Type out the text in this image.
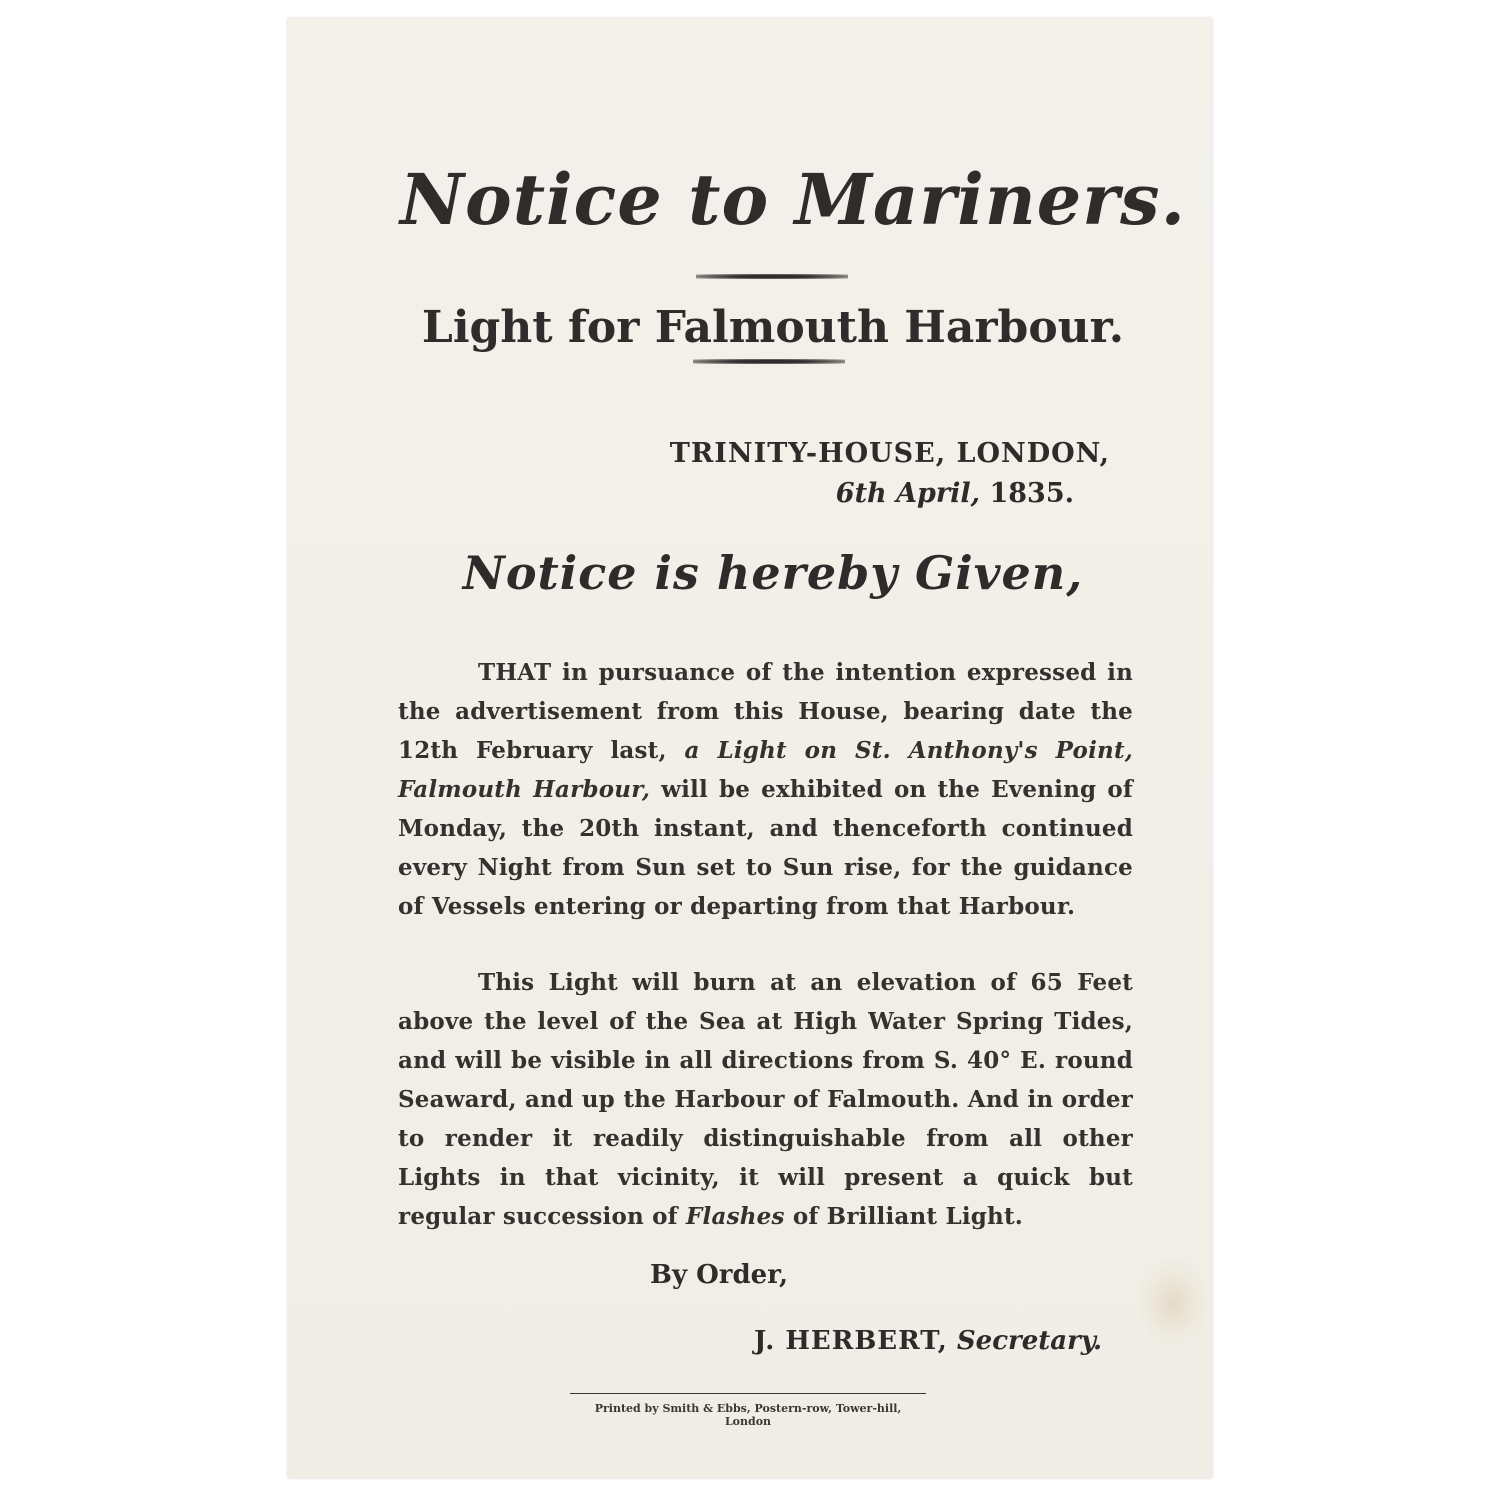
Notice to Mariners.
Light for Falmouth Harbour.
TRINITY-HOUSE, LONDON,
6th April, 1835.
Notice is hereby Given,

THAT in pursuance of the intention expressed in the advertisement from this House, bearing date the 12th February last, a Light on St. Anthony's Point, Falmouth Harbour, will be exhibited on the Evening of Monday, the 20th instant, and thenceforth continued every Night from Sun set to Sun rise, for the guidance of Vessels entering or departing from that Harbour.

This Light will burn at an elevation of 65 Feet above the level of the Sea at High Water Spring Tides, and will be visible in all directions from S. 40° E. round Seaward, and up the Harbour of Falmouth. And in order to render it readily distinguishable from all other Lights in that vicinity, it will present a quick but regular succession of Flashes of Brilliant Light.

By Order,
J. HERBERT, Secretary.
Printed by Smith & Ebbs, Postern-row, Tower-hill, London
